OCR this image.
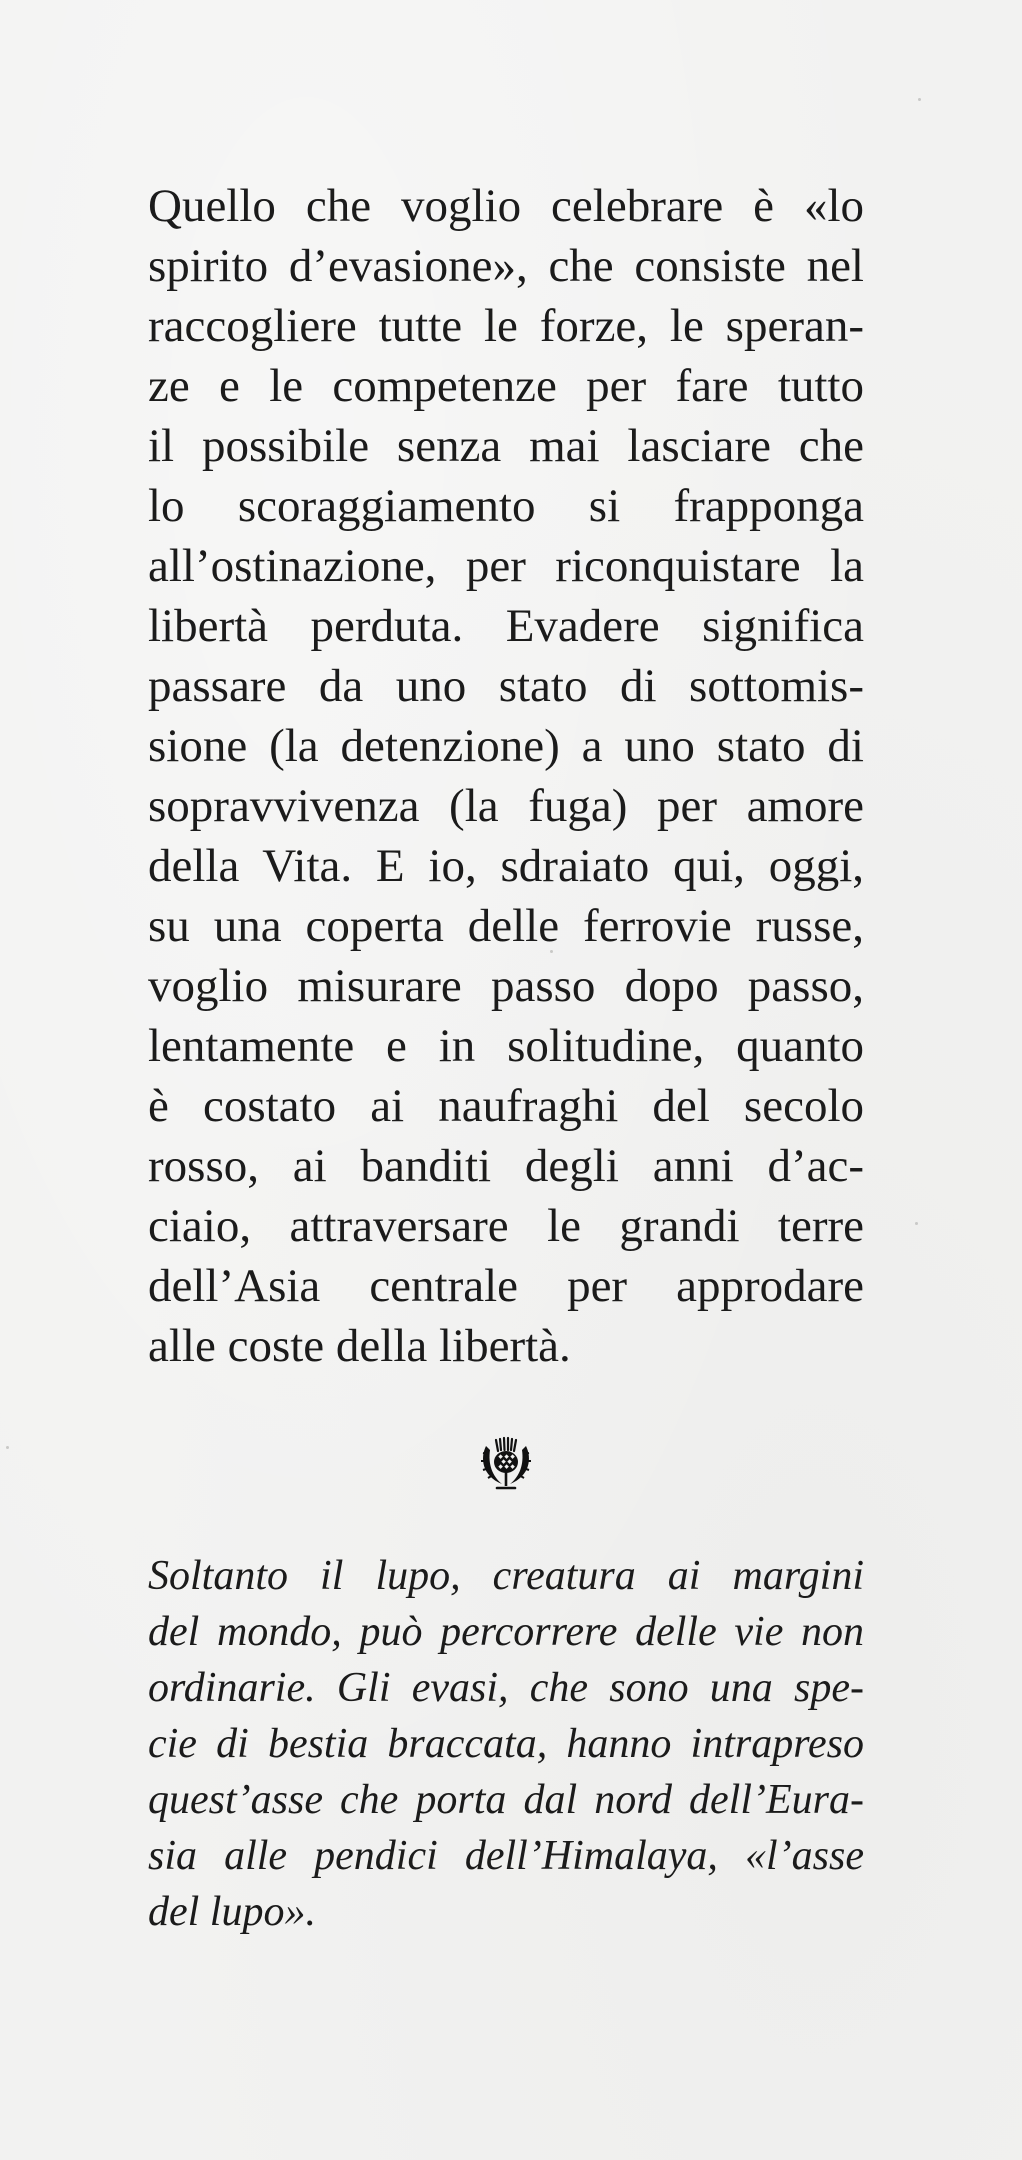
Quello che voglio celebrare è «lo
spirito d’evasione», che consiste nel
raccogliere tutte le forze, le speran-
ze e le competenze per fare tutto
il possibile senza mai lasciare che
lo scoraggiamento si frapponga
all’ostinazione, per riconquistare la
libertà perduta. Evadere significa
passare da uno stato di sottomis-
sione (la detenzione) a uno stato di
sopravvivenza (la fuga) per amore
della Vita. E io, sdraiato qui, oggi,
su una coperta delle ferrovie russe,
voglio misurare passo dopo passo,
lentamente e in solitudine, quanto
è costato ai naufraghi del secolo
rosso, ai banditi degli anni d’ac-
ciaio, attraversare le grandi terre
dell’Asia centrale per approdare
alle coste della libertà.
Soltanto il lupo, creatura ai margini
del mondo, può percorrere delle vie non
ordinarie. Gli evasi, che sono una spe-
cie di bestia braccata, hanno intrapreso
quest’asse che porta dal nord dell’Eura-
sia alle pendici dell’Himalaya, «l’asse
del lupo».
